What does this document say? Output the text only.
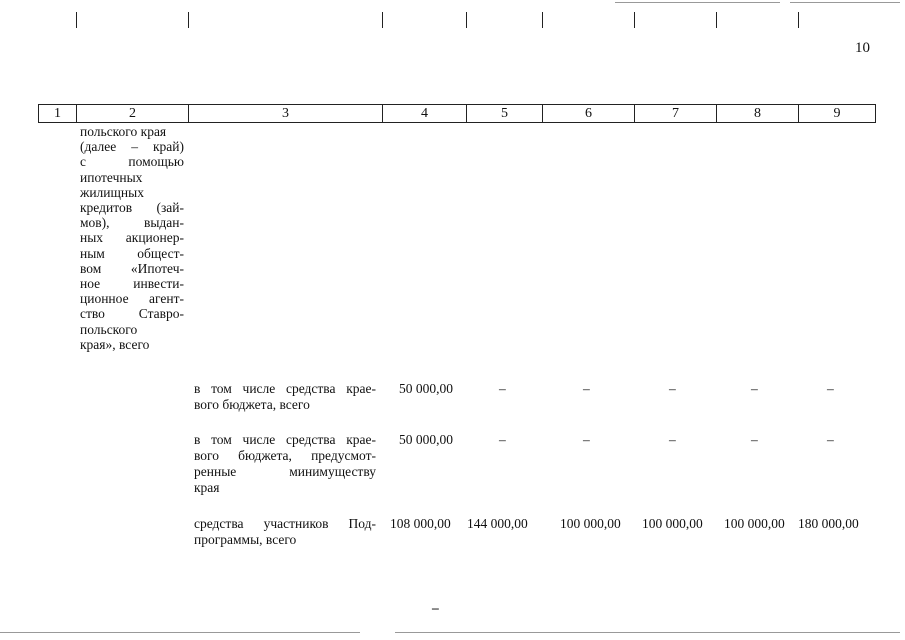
10
1	2	3	4	5	6	7	8	9
польского края
(далее – край)
с помощью
ипотечных
жилищных
кредитов (зай-
мов), выдан-
ных акционер-
ным общест-
вом «Ипотеч-
ное инвести-
ционное агент-
ство Ставро-
польского
края», всего
в том числе средства крае-
вого бюджета, всего
50 000,00	–	–	–	–	–
в том числе средства крае-
вого бюджета, предусмот-
ренные минимуществу
края
50 000,00	–	–	–	–	–
средства участников Под-
программы, всего
108 000,00 144 000,00 100 000,00 100 000,00 100 000,00 180 000,00
–
